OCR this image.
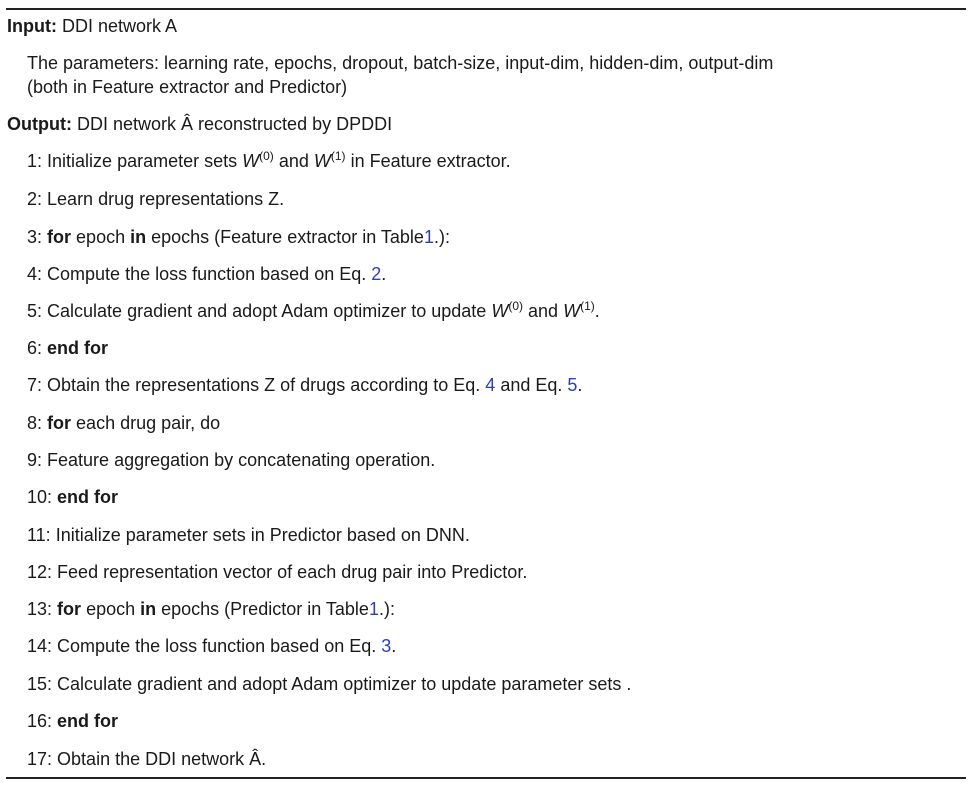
Input: DDI network A
The parameters: learning rate, epochs, dropout, batch-size, input-dim, hidden-dim, output-dim
(both in Feature extractor and Predictor)
Output: DDI network Â reconstructed by DPDDI
1: Initialize parameter sets $W^{(0)}$ and $W^{(1)}$ in Feature extractor.
2: Learn drug representations Z.
3: for epoch in epochs (Feature extractor in Table1.):
4: Compute the loss function based on Eq. 2.
5: Calculate gradient and adopt Adam optimizer to update $W^{(0)}$ and $W^{(1)}$.
6: end for
7: Obtain the representations Z of drugs according to Eq. 4 and Eq. 5.
8: for each drug pair, do
9: Feature aggregation by concatenating operation.
10: end for
11: Initialize parameter sets in Predictor based on DNN.
12: Feed representation vector of each drug pair into Predictor.
13: for epoch in epochs (Predictor in Table1.):
14: Compute the loss function based on Eq. 3.
15: Calculate gradient and adopt Adam optimizer to update parameter sets .
16: end for
17: Obtain the DDI network Â.
